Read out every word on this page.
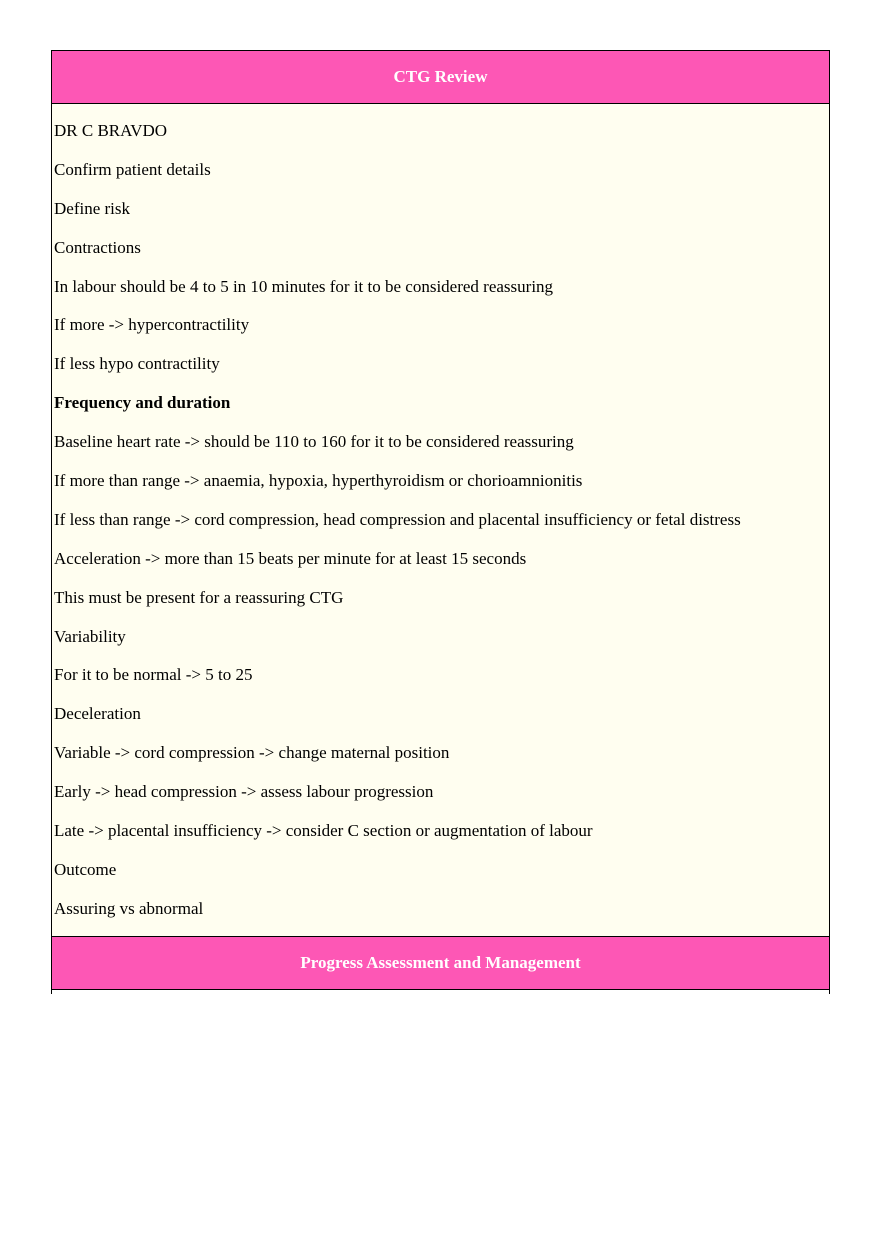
CTG Review
DR C BRAVDO
Confirm patient details
Define risk
Contractions
In labour should be 4 to 5 in 10 minutes for it to be considered reassuring
If more -> hypercontractility
If less hypo contractility
Frequency and duration
Baseline heart rate -> should be 110 to 160 for it to be considered reassuring
If more than range -> anaemia, hypoxia, hyperthyroidism or chorioamnionitis
If less than range -> cord compression, head compression and placental insufficiency or fetal distress
Acceleration -> more than 15 beats per minute for at least 15 seconds
This must be present for a reassuring CTG
Variability
For it to be normal -> 5 to 25
Deceleration
Variable -> cord compression -> change maternal position
Early -> head compression -> assess labour progression
Late -> placental insufficiency -> consider C section or augmentation of labour
Outcome
Assuring vs abnormal
Progress Assessment and Management
